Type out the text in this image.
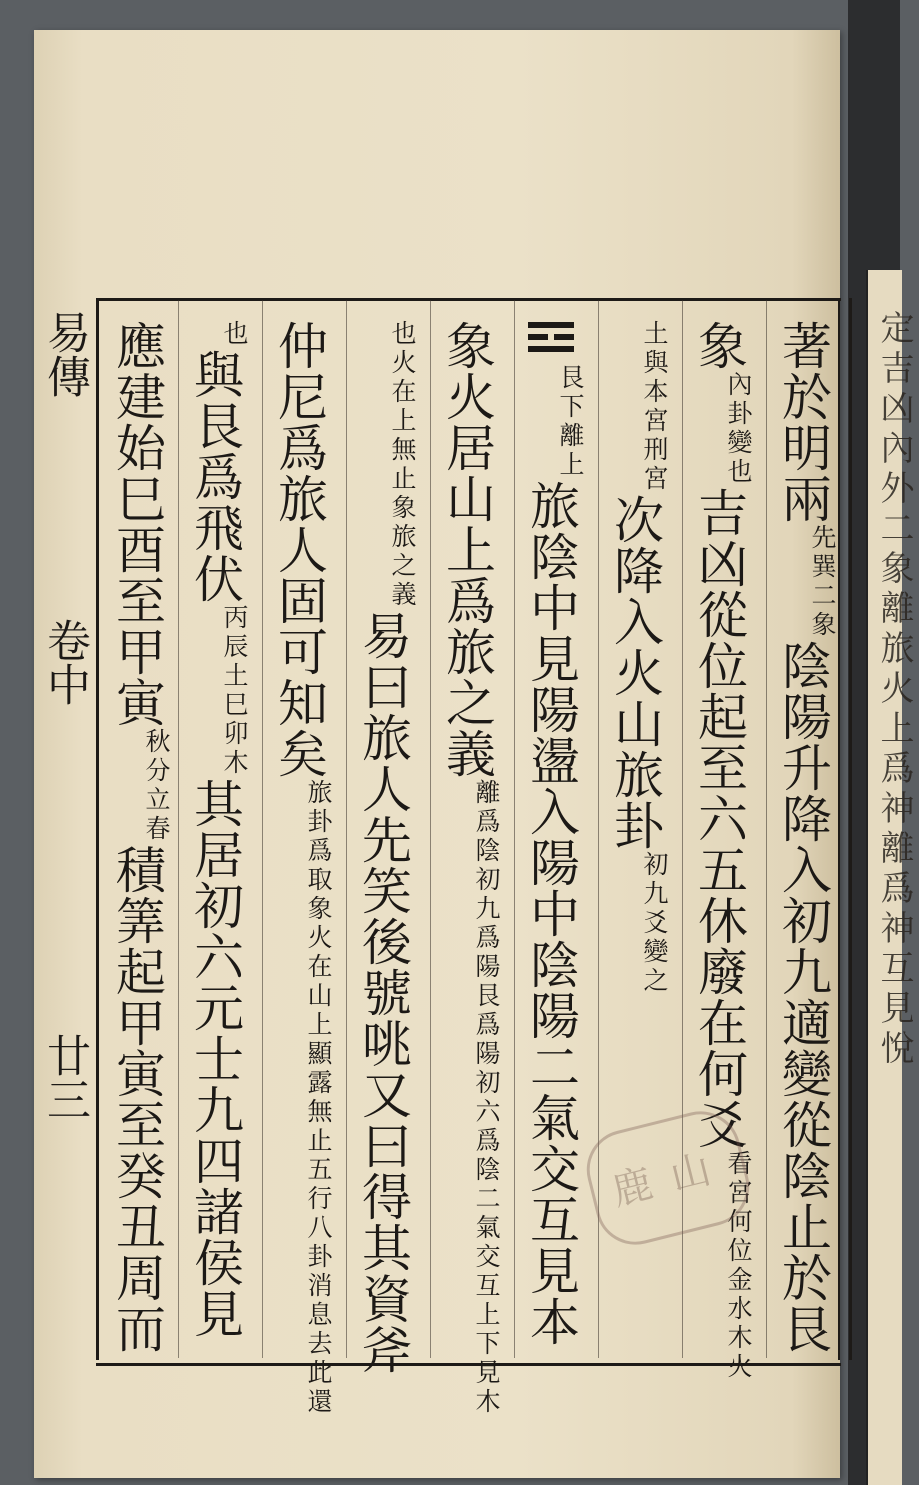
定吉凶內外二象離旅火上爲神離爲神互見悅
易傳
卷中
廿三
著於明兩先巽二象陰陽升降入初九適變從陰止於艮
象內卦變也吉凶從位起至六五休廢在何爻看宮何位金水木火
土與本宮刑宮次降入火山旅卦初九爻變之
艮下離上旅陰中見陽盪入陽中陰陽二氣交互見本
象火居山上爲旅之義離爲陰初九爲陽艮爲陽初六爲陰二氣交互上下見木
也火在上無止象旅之義易曰旅人先笑後號咷又曰得其資斧
仲尼爲旅人固可知矣旅卦爲取象火在山上顯露無止五行八卦消息去此還
也與艮爲飛伏丙辰土巳卯木其居初六元士九四諸侯見
應建始巳酉至甲寅秋分立春積筭起甲寅至癸丑周而	鹿山
